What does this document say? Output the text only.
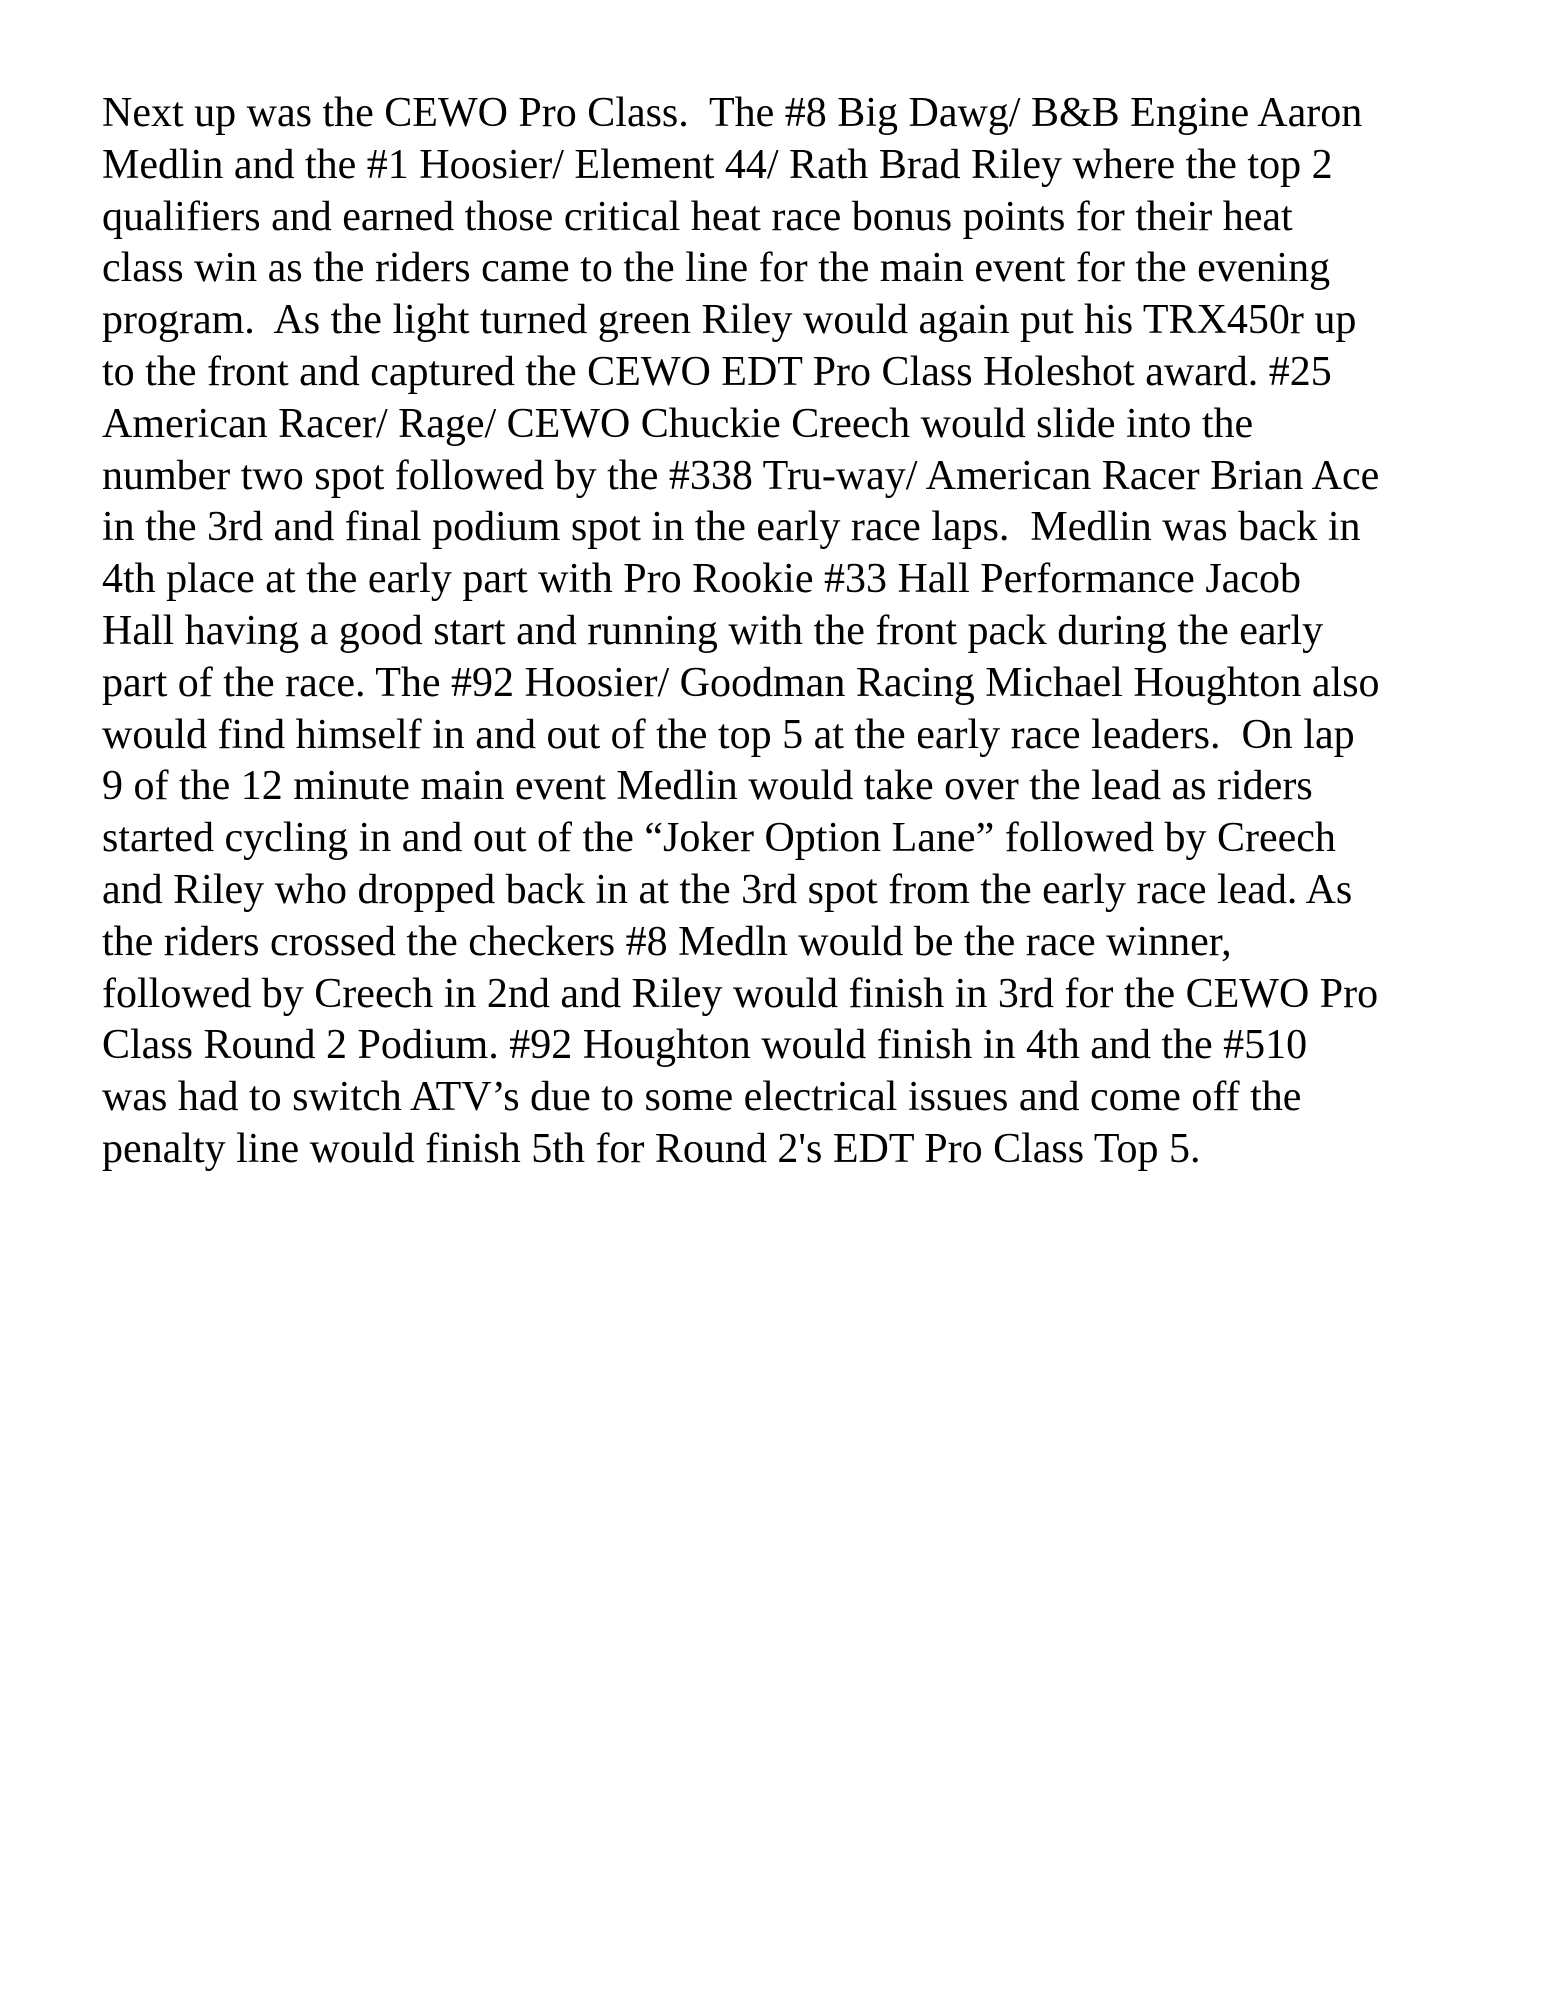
Next up was the CEWO Pro Class.  The #8 Big Dawg/ B&B Engine Aaron
Medlin and the #1 Hoosier/ Element 44/ Rath Brad Riley where the top 2
qualifiers and earned those critical heat race bonus points for their heat
class win as the riders came to the line for the main event for the evening
program.  As the light turned green Riley would again put his TRX450r up
to the front and captured the CEWO EDT Pro Class Holeshot award. #25
American Racer/ Rage/ CEWO Chuckie Creech would slide into the
number two spot followed by the #338 Tru-way/ American Racer Brian Ace
in the 3rd and final podium spot in the early race laps.  Medlin was back in
4th place at the early part with Pro Rookie #33 Hall Performance Jacob
Hall having a good start and running with the front pack during the early
part of the race. The #92 Hoosier/ Goodman Racing Michael Houghton also
would find himself in and out of the top 5 at the early race leaders.  On lap
9 of the 12 minute main event Medlin would take over the lead as riders
started cycling in and out of the “Joker Option Lane” followed by Creech
and Riley who dropped back in at the 3rd spot from the early race lead. As
the riders crossed the checkers #8 Medln would be the race winner,
followed by Creech in 2nd and Riley would finish in 3rd for the CEWO Pro
Class Round 2 Podium. #92 Houghton would finish in 4th and the #510
was had to switch ATV’s due to some electrical issues and come off the
penalty line would finish 5th for Round 2's EDT Pro Class Top 5.
